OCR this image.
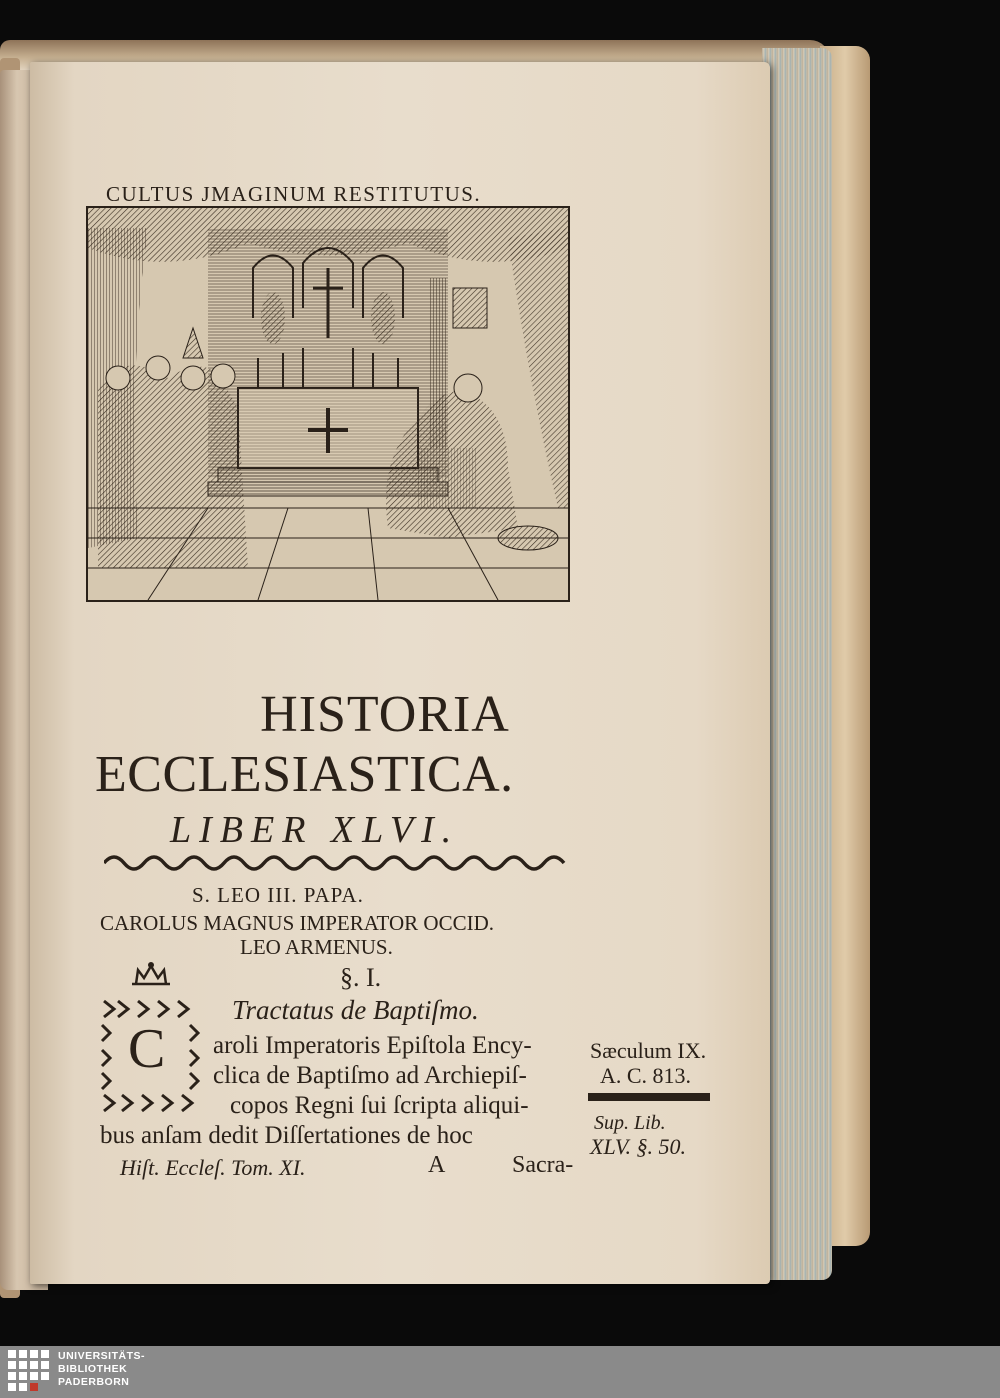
CULTUS JMAGINUM RESTITUTUS.
HISTORIA
ECCLESIASTICA.
LIBER XLVI.
S. LEO III. PAPA.
CAROLUS MAGNUS IMPERATOR OCCID.
LEO ARMENUS.
§. I.
Tractatus de Baptiſmo.
C aroli Imperatoris Epiſtola Ency-
clica de Baptiſmo ad Archiepiſ-
copos Regni ſui ſcripta aliqui-
bus anſam dedit Diſſertationes de hoc
Sæculum IX.
A. C. 813.
Sup. Lib.
XLV. §. 50.
Hiſt. Eccleſ. Tom. XI.	A	Sacra-
UNIVERSITÄTS-
BIBLIOTHEK
PADERBORN
